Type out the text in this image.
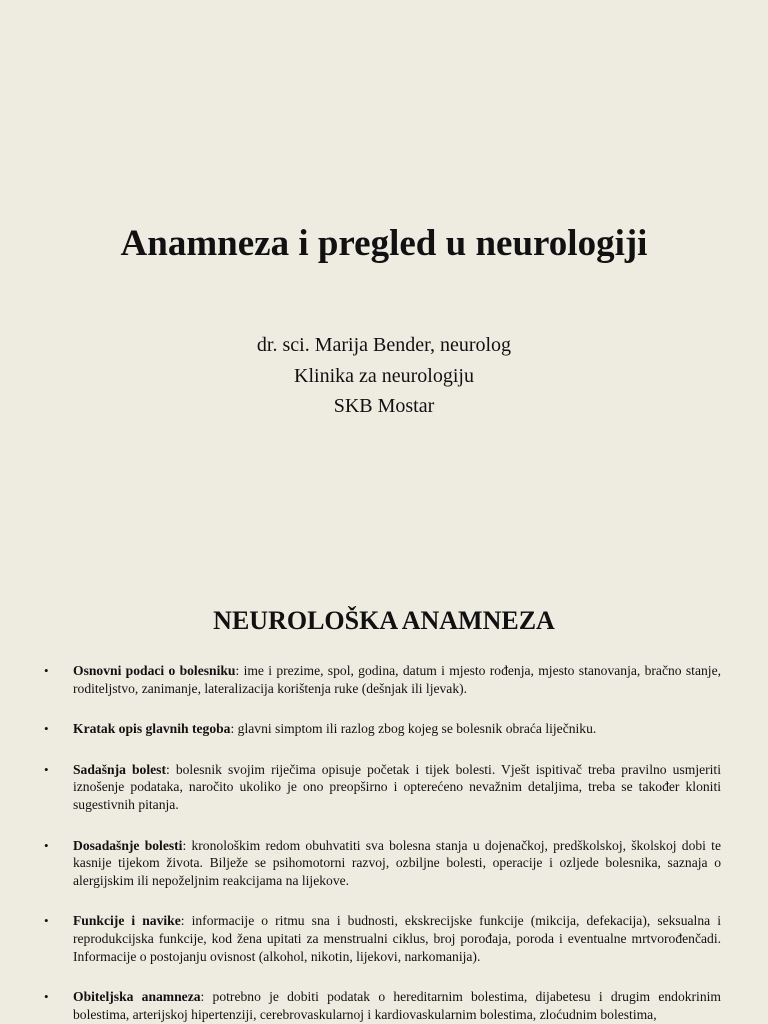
Anamneza i pregled u neurologiji
dr. sci. Marija Bender, neurolog
Klinika za neurologiju
SKB Mostar
NEUROLOŠKA ANAMNEZA
• Osnovni podaci o bolesniku: ime i prezime, spol, godina, datum i mjesto rođenja, mjesto stanovanja, bračno stanje, roditeljstvo, zanimanje, lateralizacija korištenja ruke (dešnjak ili ljevak).
• Kratak opis glavnih tegoba: glavni simptom ili razlog zbog kojeg se bolesnik obraća liječniku.
• Sadašnja bolest: bolesnik svojim riječima opisuje početak i tijek bolesti. Vješt ispitivač treba pravilno usmjeriti iznošenje podataka, naročito ukoliko je ono preopširno i opterećeno nevažnim detaljima, treba se također kloniti sugestivnih pitanja.
• Dosadašnje bolesti: kronološkim redom obuhvatiti sva bolesna stanja u dojenačkoj, predškolskoj, školskoj dobi te kasnije tijekom života. Bilježe se psihomotorni razvoj, ozbiljne bolesti, operacije i ozljede bolesnika, saznaja o alergijskim ili nepoželjnim reakcijama na lijekove.
• Funkcije i navike: informacije o ritmu sna i budnosti, ekskrecijske funkcije (mikcija, defekacija), seksualna i reprodukcijska funkcije, kod žena upitati za menstrualni ciklus, broj porođaja, poroda i eventualne mrtvorođenčadi. Informacije o postojanju ovisnost (alkohol, nikotin, lijekovi, narkomanija).
• Obiteljska anamneza: potrebno je dobiti podatak o hereditarnim bolestima, dijabetesu i drugim endokrinim bolestima, arterijskoj hipertenziji, cerebrovaskularnoj i kardiovaskularnim bolestima, zloćudnim bolestima,
